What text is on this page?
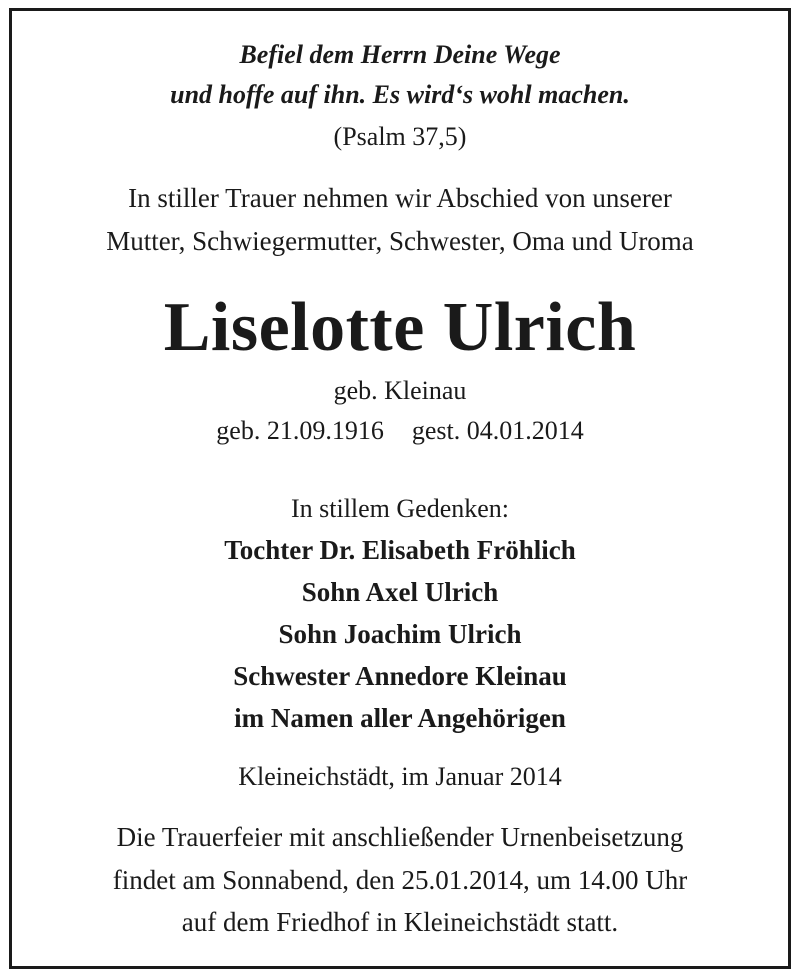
Befiel dem Herrn Deine Wege
und hoffe auf ihn. Es wird‘s wohl machen.
(Psalm 37,5)
In stiller Trauer nehmen wir Abschied von unserer
Mutter, Schwiegermutter, Schwester, Oma und Uroma
Liselotte Ulrich
geb. Kleinau
geb. 21.09.1916 gest. 04.01.2014
In stillem Gedenken:
Tochter Dr. Elisabeth Fröhlich
Sohn Axel Ulrich
Sohn Joachim Ulrich
Schwester Annedore Kleinau
im Namen aller Angehörigen
Kleineichstädt, im Januar 2014
Die Trauerfeier mit anschließender Urnenbeisetzung
findet am Sonnabend, den 25.01.2014, um 14.00 Uhr
auf dem Friedhof in Kleineichstädt statt.
